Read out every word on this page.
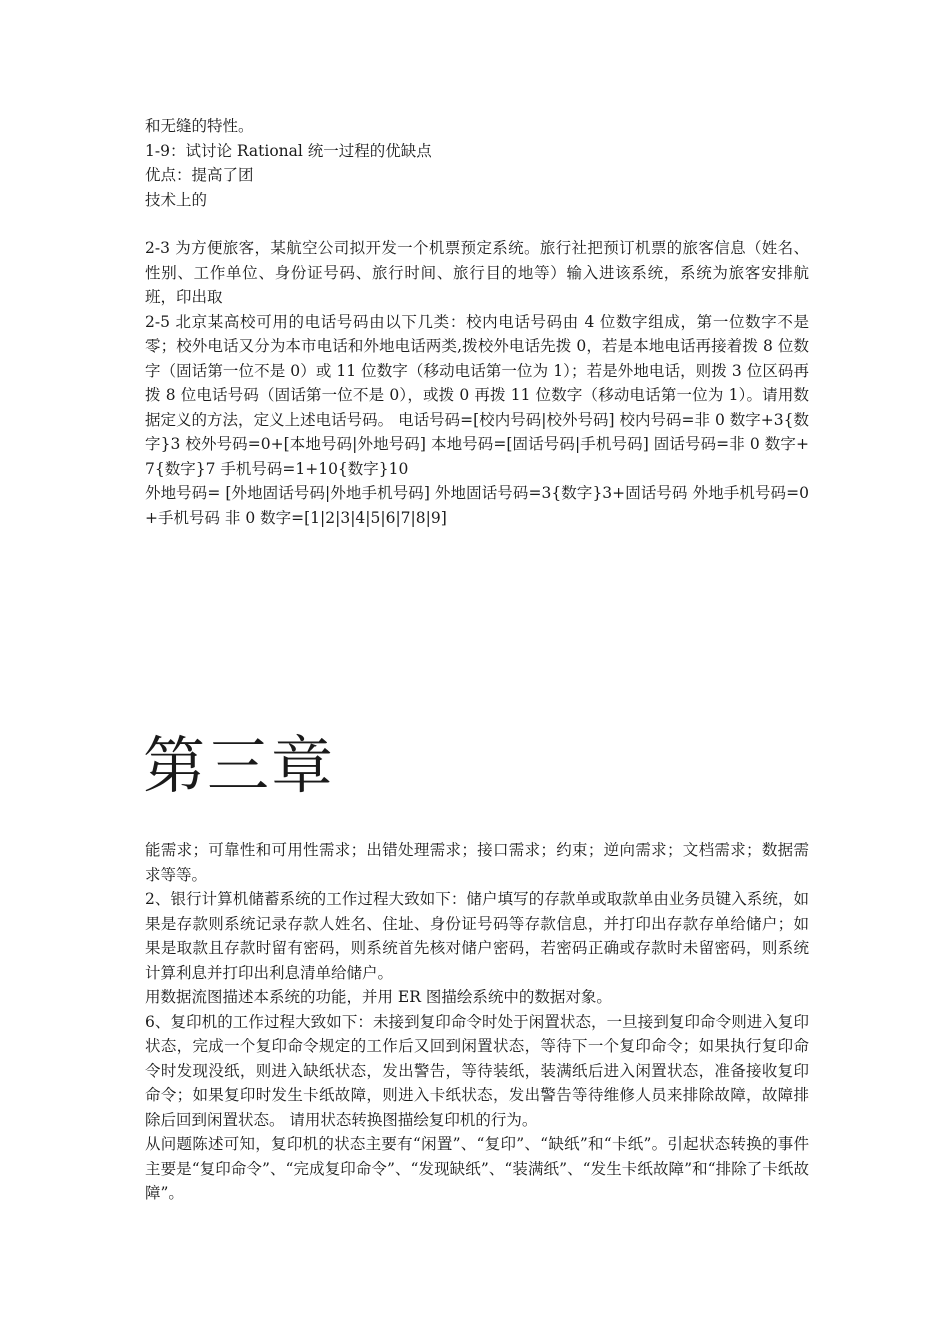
和无缝的特性。

1-9：试讨论 Rational 统一过程的优缺点

优点：提高了团

技术上的

2-3 为方便旅客，某航空公司拟开发一个机票预定系统。旅行社把预订机票的旅客信息（姓名、性别、工作单位、身份证号码、旅行时间、旅行目的地等）输入进该系统，系统为旅客安排航班，印出取

2-5 北京某高校可用的电话号码由以下几类：校内电话号码由 4 位数字组成，第一位数字不是零；校外电话又分为本市电话和外地电话两类,拨校外电话先拨 0，若是本地电话再接着拨 8 位数字（固话第一位不是 0）或 11 位数字（移动电话第一位为 1）；若是外地电话，则拨 3 位区码再拨 8 位电话号码（固话第一位不是 0），或拨 0 再拨 11 位数字（移动电话第一位为 1）。请用数据定义的方法，定义上述电话号码。 电话号码=[校内号码|校外号码] 校内号码=非 0 数字+3{数字}3 校外号码=0+[本地号码|外地号码] 本地号码=[固话号码|手机号码] 固话号码=非 0 数字+7{数字}7 手机号码=1+10{数字}10

外地号码= [外地固话号码|外地手机号码] 外地固话号码=3{数字}3+固话号码 外地手机号码=0+手机号码 非 0 数字=[1|2|3|4|5|6|7|8|9]

第三章

能需求；可靠性和可用性需求；出错处理需求；接口需求；约束；逆向需求；文档需求；数据需求等等。

2、银行计算机储蓄系统的工作过程大致如下：储户填写的存款单或取款单由业务员键入系统，如果是存款则系统记录存款人姓名、住址、身份证号码等存款信息，并打印出存款存单给储户；如果是取款且存款时留有密码，则系统首先核对储户密码，若密码正确或存款时未留密码，则系统计算利息并打印出利息清单给储户。

用数据流图描述本系统的功能，并用 ER 图描绘系统中的数据对象。

6、复印机的工作过程大致如下：未接到复印命令时处于闲置状态，一旦接到复印命令则进入复印状态，完成一个复印命令规定的工作后又回到闲置状态，等待下一个复印命令；如果执行复印命令时发现没纸，则进入缺纸状态，发出警告，等待装纸，装满纸后进入闲置状态，准备接收复印命令；如果复印时发生卡纸故障，则进入卡纸状态，发出警告等待维修人员来排除故障，故障排除后回到闲置状态。 请用状态转换图描绘复印机的行为。

从问题陈述可知，复印机的状态主要有“闲置”、“复印”、“缺纸”和“卡纸”。引起状态转换的事件主要是“复印命令”、“完成复印命令”、“发现缺纸”、“装满纸”、“发生卡纸故障”和“排除了卡纸故障”。
